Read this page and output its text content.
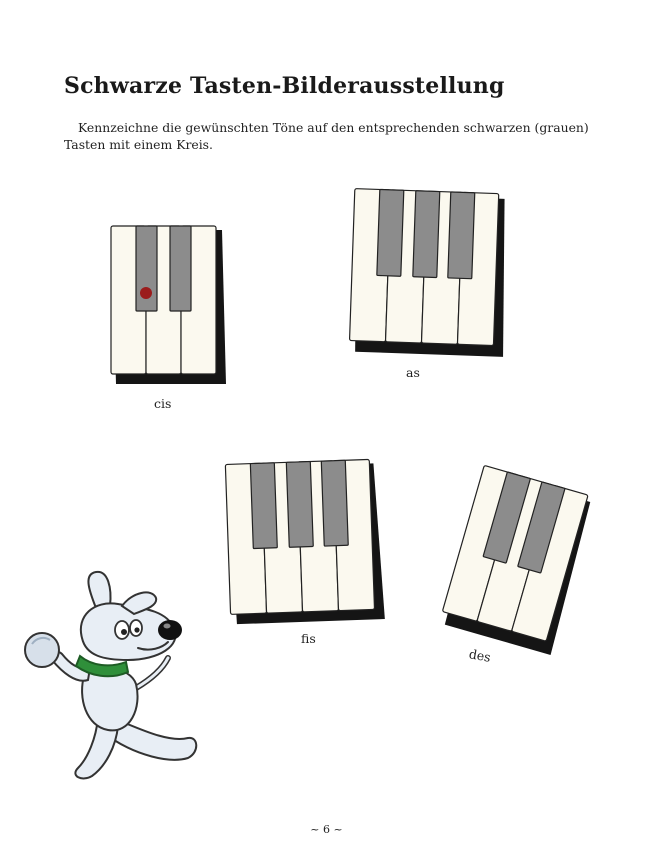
Schwarze Tasten-Bilderausstellung

Kennzeichne die gewünschten Töne auf den entsprechenden schwarzen (grauen) Tasten mit einem Kreis.

cis
as
fis
des
~ 6 ~
